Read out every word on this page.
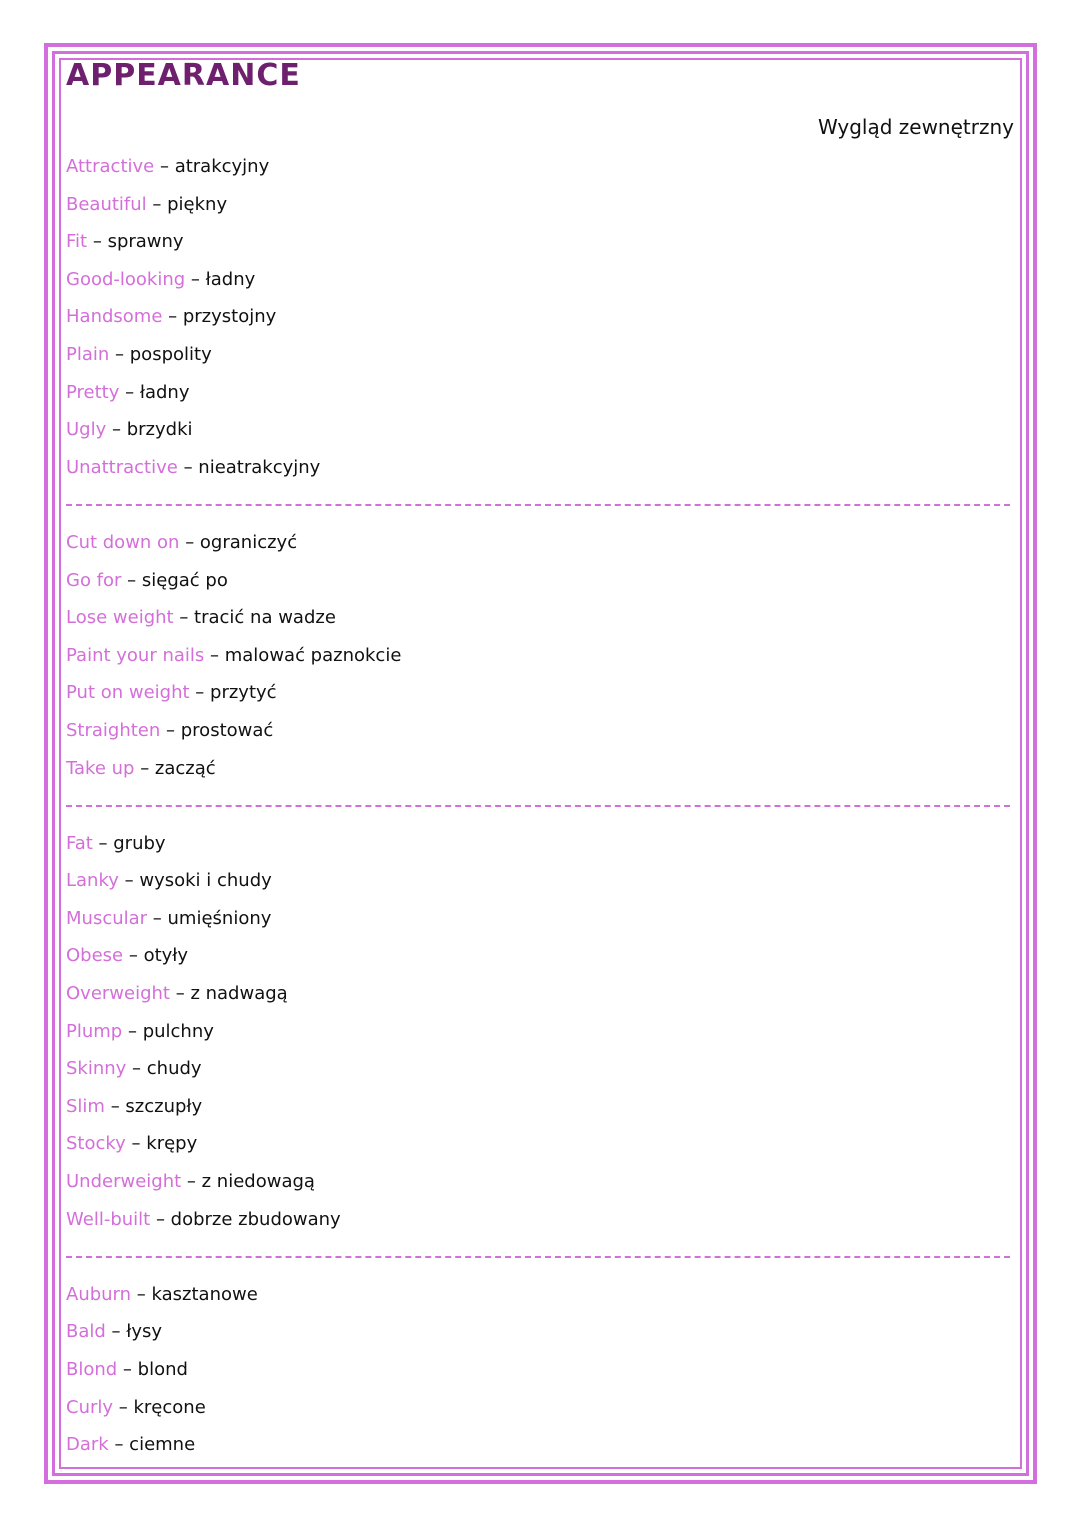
APPEARANCE
Wygląd zewnętrzny
Attractive – atrakcyjny
Beautiful – piękny
Fit – sprawny
Good-looking – ładny
Handsome – przystojny
Plain – pospolity
Pretty – ładny
Ugly – brzydki
Unattractive – nieatrakcyjny
Cut down on – ograniczyć
Go for – sięgać po
Lose weight – tracić na wadze
Paint your nails – malować paznokcie
Put on weight – przytyć
Straighten – prostować
Take up – zacząć
Fat – gruby
Lanky – wysoki i chudy
Muscular – umięśniony
Obese – otyły
Overweight – z nadwagą
Plump – pulchny
Skinny – chudy
Slim – szczupły
Stocky – krępy
Underweight – z niedowagą
Well-built – dobrze zbudowany
Auburn – kasztanowe
Bald – łysy
Blond – blond
Curly – kręcone
Dark – ciemne
